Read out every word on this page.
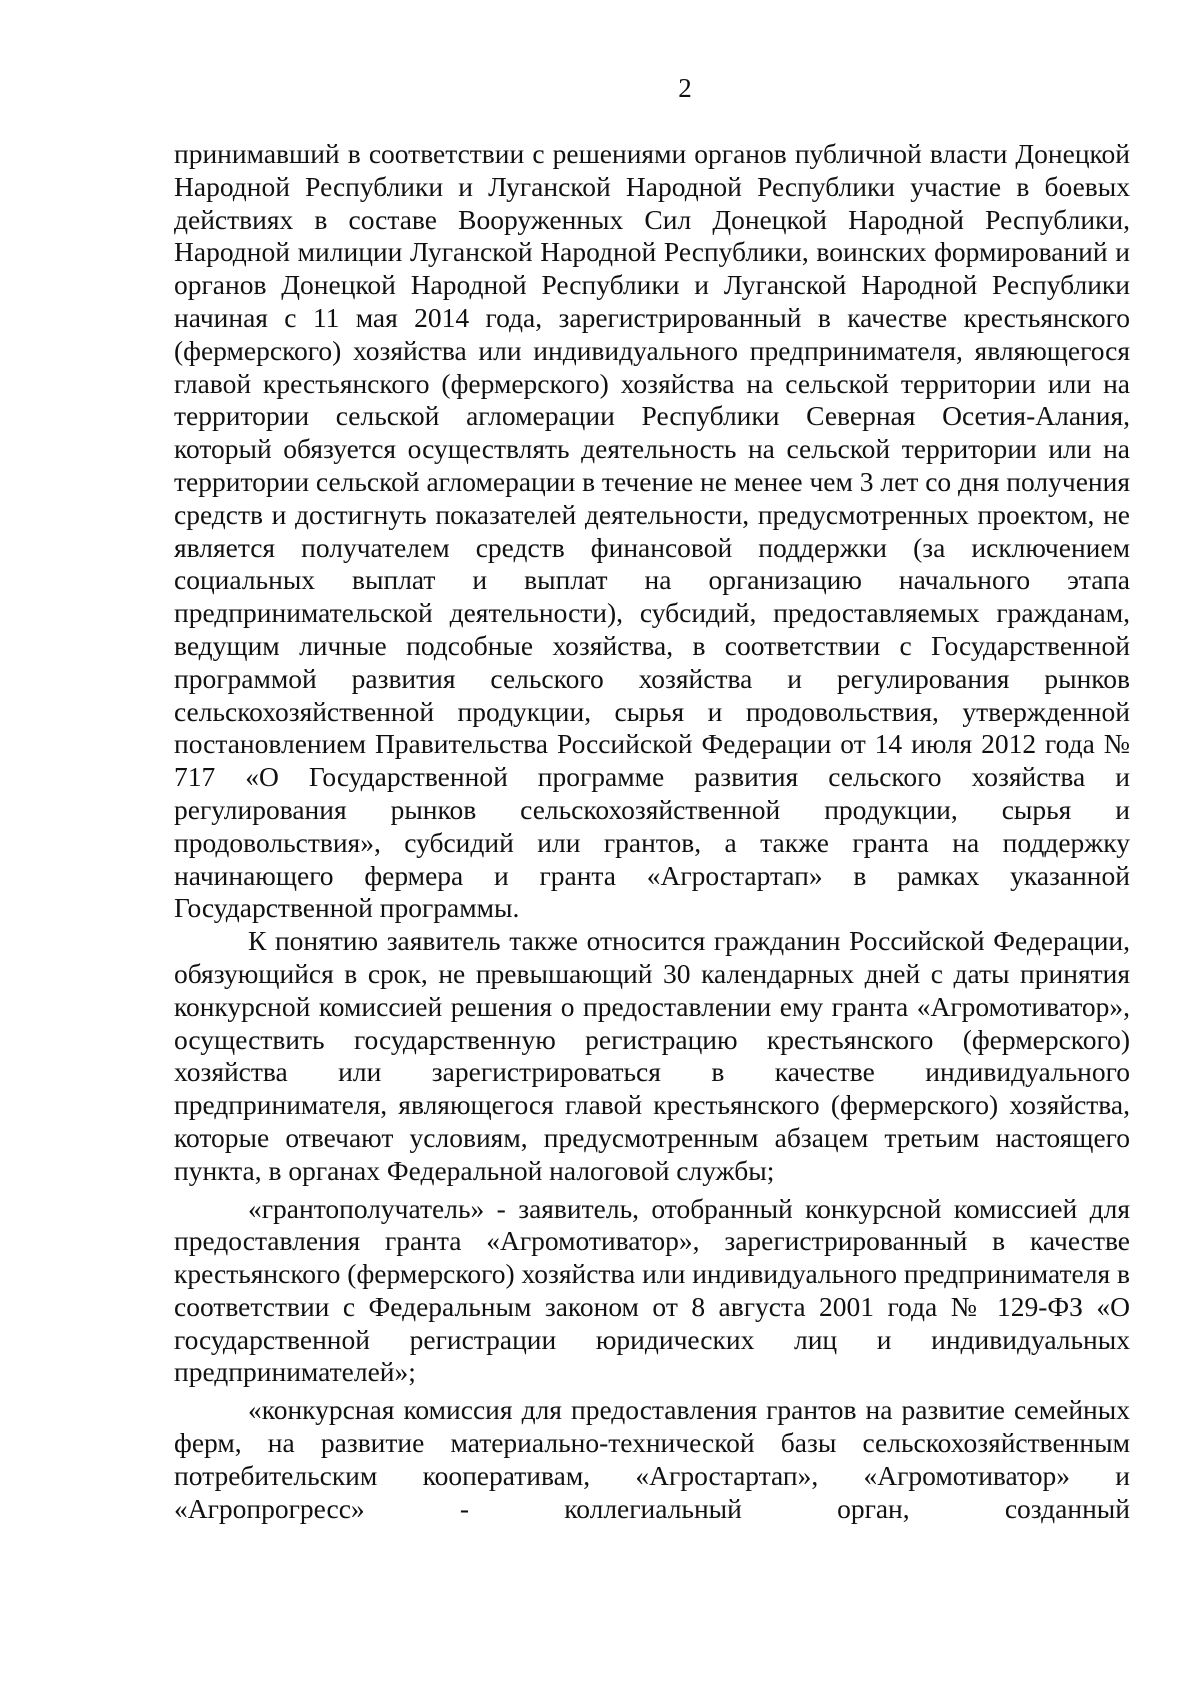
2

принимавший в соответствии с решениями органов публичной власти Донецкой Народной Республики и Луганской Народной Республики участие в боевых действиях в составе Вооруженных Сил Донецкой Народной Республики, Народной милиции Луганской Народной Республики, воинских формирований и органов Донецкой Народной Республики и Луганской Народной Республики начиная с 11 мая 2014 года, зарегистрированный в качестве крестьянского (фермерского) хозяйства или индивидуального предпринимателя, являющегося главой крестьянского (фермерского) хозяйства на сельской территории или на территории сельской агломерации Республики Северная Осетия-Алания, который обязуется осуществлять деятельность на сельской территории или на территории сельской агломерации в течение не менее чем 3 лет со дня получения средств и достигнуть показателей деятельности, предусмотренных проектом, не является получателем средств финансовой поддержки (за исключением социальных выплат и выплат на организацию начального этапа предпринимательской деятельности), субсидий, предоставляемых гражданам, ведущим личные подсобные хозяйства, в соответствии с Государственной программой развития сельского хозяйства и регулирования рынков сельскохозяйственной продукции, сырья и продовольствия, утвержденной постановлением Правительства Российской Федерации от 14 июля 2012 года № 717 «О Государственной программе развития сельского хозяйства и регулирования рынков сельскохозяйственной продукции, сырья и продовольствия», субсидий или грантов, а также гранта на поддержку начинающего фермера и гранта «Агростартап» в рамках указанной Государственной программы.

К понятию заявитель также относится гражданин Российской Федерации, обязующийся в срок, не превышающий 30 календарных дней с даты принятия конкурсной комиссией решения о предоставлении ему гранта «Агромотиватор», осуществить государственную регистрацию крестьянского (фермерского) хозяйства или зарегистрироваться в качестве индивидуального предпринимателя, являющегося главой крестьянского (фермерского) хозяйства, которые отвечают условиям, предусмотренным абзацем третьим настоящего пункта, в органах Федеральной налоговой службы;

«грантополучатель» - заявитель, отобранный конкурсной комиссией для предоставления гранта «Агромотиватор», зарегистрированный в качестве крестьянского (фермерского) хозяйства или индивидуального предпринимателя в соответствии с Федеральным законом от 8 августа 2001 года № 129-ФЗ «О государственной регистрации юридических лиц и индивидуальных предпринимателей»;

«конкурсная комиссия для предоставления грантов на развитие семейных ферм, на развитие материально-технической базы сельскохозяйственным потребительским кооперативам, «Агростартап», «Агромотиватор» и «Агропрогресс» - коллегиальный орган, созданный
